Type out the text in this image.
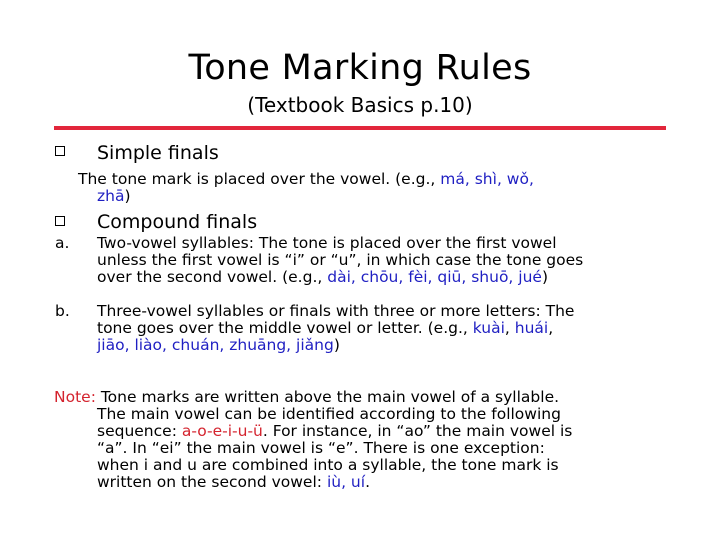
Tone Marking Rules
(Textbook Basics p.10)
Simple finals
The tone mark is placed over the vowel. (e.g., má, shì, wǒ,
zhā)
Compound finals
a. Two-vowel syllables: The tone is placed over the first vowel
unless the first vowel is “i” or “u”, in which case the tone goes
over the second vowel. (e.g., dài, chōu, fèi, qiū, shuō, jué)
b. Three-vowel syllables or finals with three or more letters: The
tone goes over the middle vowel or letter. (e.g., kuài, huái,
jiāo, liào, chuán, zhuāng, jiǎng)
Note: Tone marks are written above the main vowel of a syllable.
The main vowel can be identified according to the following
sequence: a-o-e-i-u-ü. For instance, in “ao” the main vowel is
“a”. In “ei” the main vowel is “e”. There is one exception:
when i and u are combined into a syllable, the tone mark is
written on the second vowel: iù, uí.
